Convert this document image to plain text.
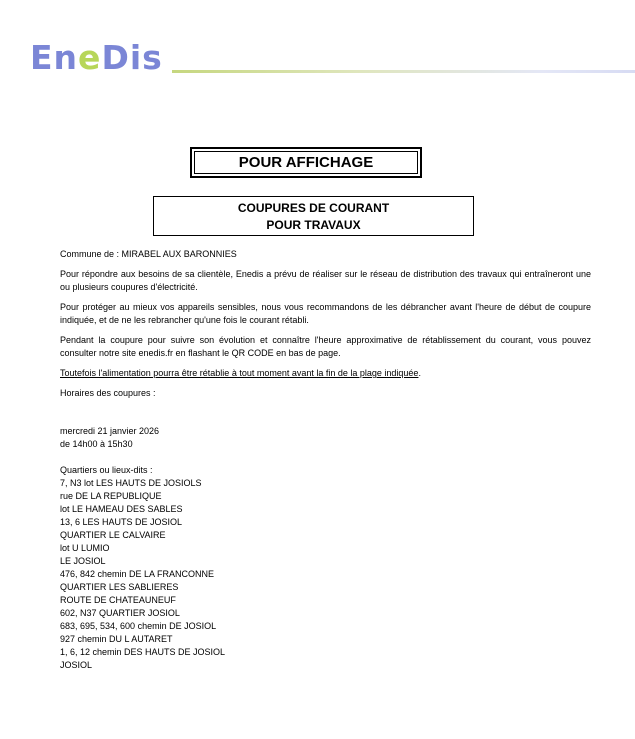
EneDis
POUR AFFICHAGE
COUPURES DE COURANT
POUR TRAVAUX

Commune de : MIRABEL AUX BARONNIES

Pour répondre aux besoins de sa clientèle, Enedis a prévu de réaliser sur le réseau de distribution des travaux qui entraîneront une ou plusieurs coupures d'électricité.

Pour protéger au mieux vos appareils sensibles, nous vous recommandons de les débrancher avant l'heure de début de coupure indiquée, et de ne les rebrancher qu'une fois le courant rétabli.

Pendant la coupure pour suivre son évolution et connaître l'heure approximative de rétablissement du courant, vous pouvez consulter notre site enedis.fr en flashant le QR CODE en bas de page.

Toutefois l'alimentation pourra être rétablie à tout moment avant la fin de la plage indiquée.

Horaires des coupures :

mercredi 21 janvier 2026
de 14h00 à 15h30
Quartiers ou lieux-dits :
7, N3 lot LES HAUTS DE JOSIOLS
rue DE LA REPUBLIQUE
lot LE HAMEAU DES SABLES
13, 6 LES HAUTS DE JOSIOL
QUARTIER LE CALVAIRE
lot U LUMIO
LE JOSIOL
476, 842 chemin DE LA FRANCONNE
QUARTIER LES SABLIERES
ROUTE DE CHATEAUNEUF
602, N37 QUARTIER JOSIOL
683, 695, 534, 600 chemin DE JOSIOL
927 chemin DU L AUTARET
1, 6, 12 chemin DES HAUTS DE JOSIOL
JOSIOL
